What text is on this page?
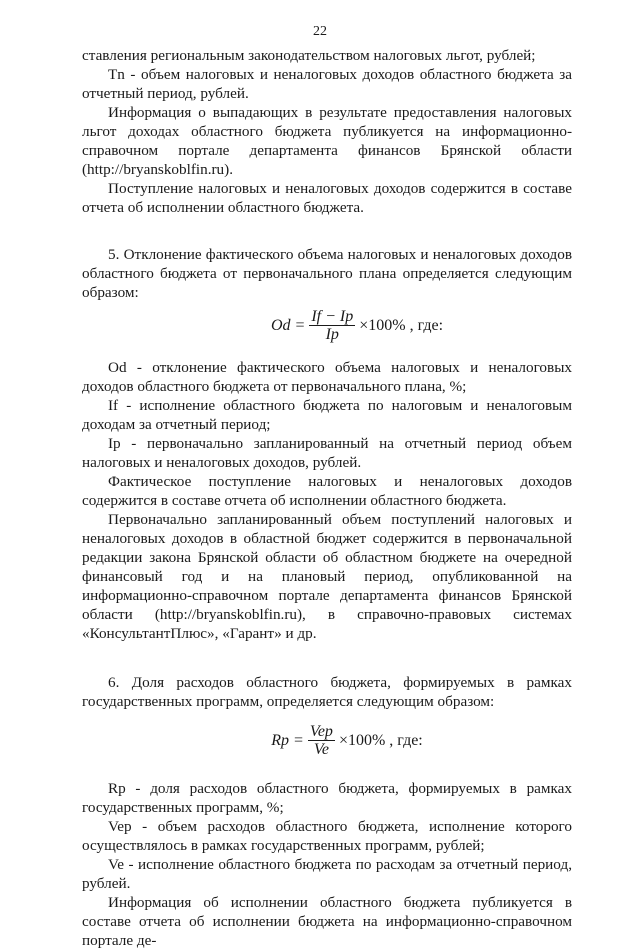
22

ставления региональным законодательством налоговых льгот, рублей;

Tn - объем налоговых и неналоговых доходов областного бюджета за отчетный период, рублей.

Информация о выпадающих в результате предоставления налоговых льгот доходах областного бюджета публикуется на информационно-справочном портале департамента финансов Брянской области (http://bryanskoblfin.ru).

Поступление налоговых и неналоговых доходов содержится в составе отчета об исполнении областного бюджета.

5. Отклонение фактического объема налоговых и неналоговых доходов областного бюджета от первоначального плана определяется следующим образом:

$Od = \frac{If - Ip}{Ip} \times 100\%$ , где:

Od - отклонение фактического объема налоговых и неналоговых доходов областного бюджета от первоначального плана, %;

If - исполнение областного бюджета по налоговым и неналоговым доходам за отчетный период;

Ip - первоначально запланированный на отчетный период объем налоговых и неналоговых доходов, рублей.

Фактическое поступление налоговых и неналоговых доходов содержится в составе отчета об исполнении областного бюджета.

Первоначально запланированный объем поступлений налоговых и неналоговых доходов в областной бюджет содержится в первоначальной редакции закона Брянской области об областном бюджете на очередной финансовый год и на плановый период, опубликованной на информационно-справочном портале департамента финансов Брянской области (http://bryanskoblfin.ru), в справочно-правовых системах «КонсультантПлюс», «Гарант» и др.

6. Доля расходов областного бюджета, формируемых в рамках государственных программ, определяется следующим образом:

$Rp = \frac{\text{Vep}}{Ve} \times 100\%$ , где:

Rp - доля расходов областного бюджета, формируемых в рамках государственных программ, %;

Vep - объем расходов областного бюджета, исполнение которого осуществлялось в рамках государственных программ, рублей;

Ve - исполнение областного бюджета по расходам за отчетный период, рублей.

Информация об исполнении областного бюджета публикуется в составе отчета об исполнении бюджета на информационно-справочном портале де-
